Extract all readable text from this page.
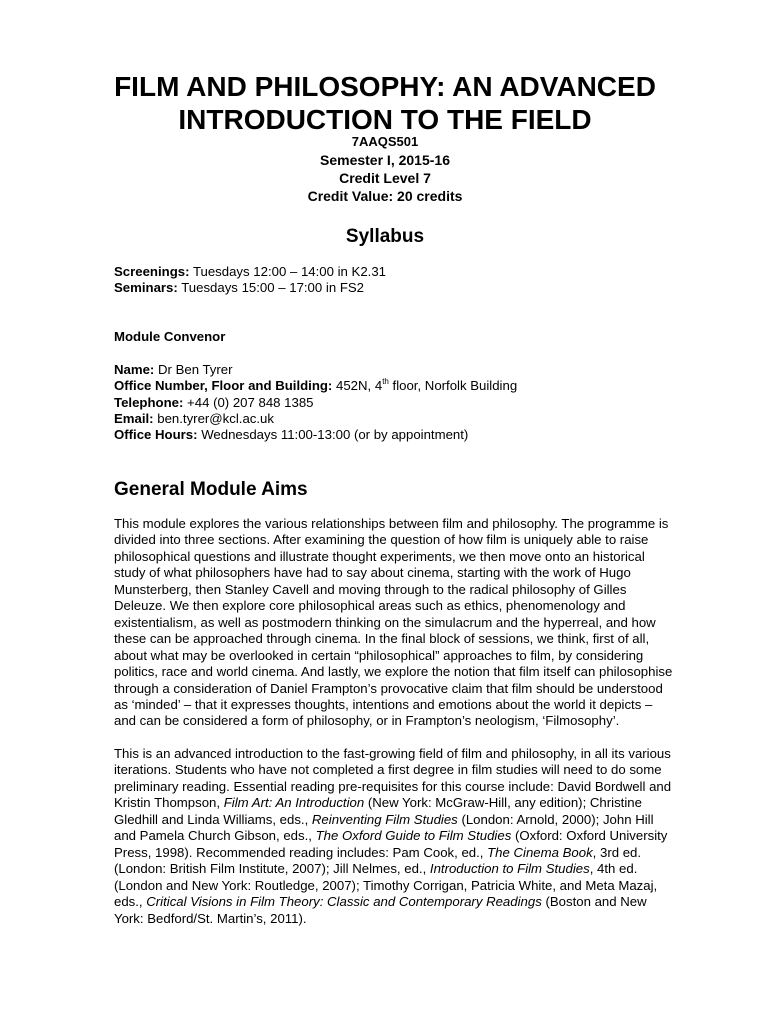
FILM AND PHILOSOPHY: AN ADVANCED
INTRODUCTION TO THE FIELD

7AAQS501

Semester I, 2015-16

Credit Level 7

Credit Value: 20 credits

Syllabus

Screenings: Tuesdays 12:00 – 14:00 in K2.31

Seminars: Tuesdays 15:00 – 17:00 in FS2

Module Convenor

Name: Dr Ben Tyrer

Office Number, Floor and Building: 452N, 4th floor, Norfolk Building

Telephone: +44 (0) 207 848 1385

Email: ben.tyrer@kcl.ac.uk

Office Hours: Wednesdays 11:00-13:00 (or by appointment)

General Module Aims
This module explores the various relationships between film and philosophy. The programme is
divided into three sections. After examining the question of how film is uniquely able to raise
philosophical questions and illustrate thought experiments, we then move onto an historical
study of what philosophers have had to say about cinema, starting with the work of Hugo
Munsterberg, then Stanley Cavell and moving through to the radical philosophy of Gilles
Deleuze. We then explore core philosophical areas such as ethics, phenomenology and
existentialism, as well as postmodern thinking on the simulacrum and the hyperreal, and how
these can be approached through cinema. In the final block of sessions, we think, first of all,
about what may be overlooked in certain “philosophical” approaches to film, by considering
politics, race and world cinema. And lastly, we explore the notion that film itself can philosophise
through a consideration of Daniel Frampton’s provocative claim that film should be understood
as ‘minded’ – that it expresses thoughts, intentions and emotions about the world it depicts –
and can be considered a form of philosophy, or in Frampton’s neologism, ‘Filmosophy’.
This is an advanced introduction to the fast-growing field of film and philosophy, in all its various
iterations. Students who have not completed a first degree in film studies will need to do some
preliminary reading. Essential reading pre-requisites for this course include: David Bordwell and
Kristin Thompson, Film Art: An Introduction (New York: McGraw-Hill, any edition); Christine
Gledhill and Linda Williams, eds., Reinventing Film Studies (London: Arnold, 2000); John Hill
and Pamela Church Gibson, eds., The Oxford Guide to Film Studies (Oxford: Oxford University
Press, 1998). Recommended reading includes: Pam Cook, ed., The Cinema Book, 3rd ed.
(London: British Film Institute, 2007); Jill Nelmes, ed., Introduction to Film Studies, 4th ed.
(London and New York: Routledge, 2007); Timothy Corrigan, Patricia White, and Meta Mazaj,
eds., Critical Visions in Film Theory: Classic and Contemporary Readings (Boston and New
York: Bedford/St. Martin’s, 2011).
